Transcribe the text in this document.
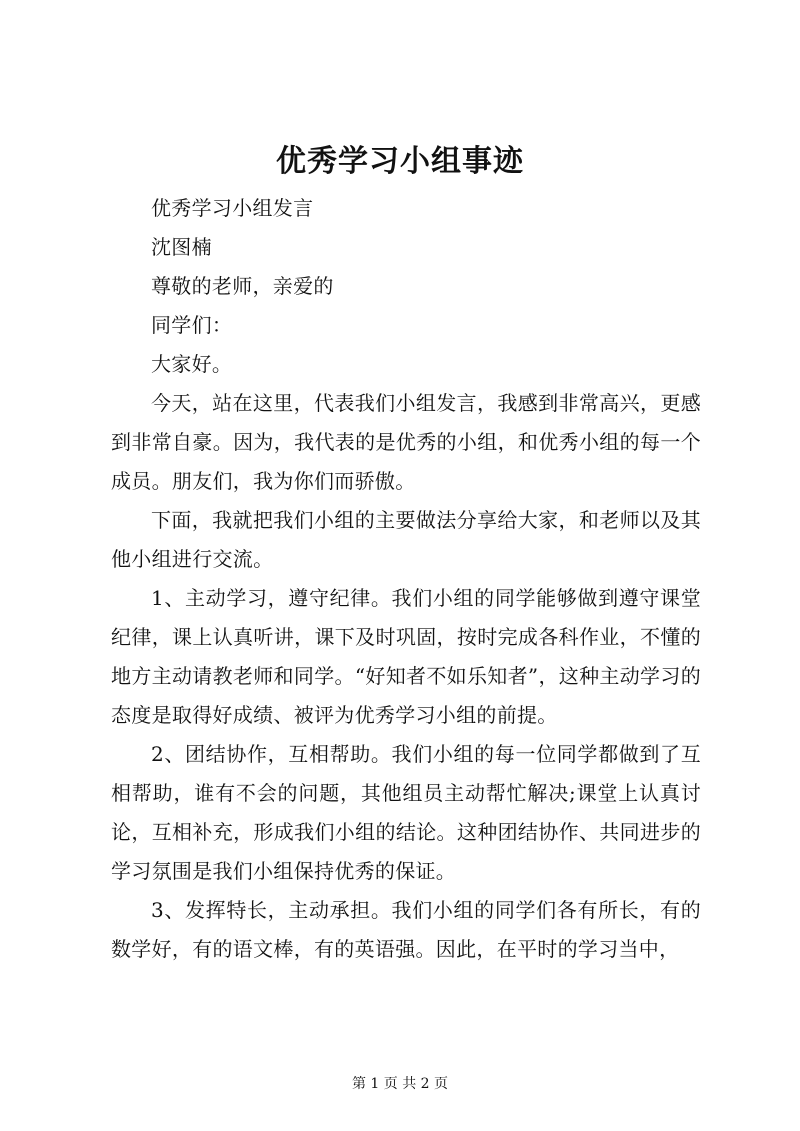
优秀学习小组事迹

优秀学习小组发言

沈图楠

尊敬的老师，亲爱的

同学们：

大家好。

今天，站在这里，代表我们小组发言，我感到非常高兴，更感到非常自豪。因为，我代表的是优秀的小组，和优秀小组的每一个成员。朋友们，我为你们而骄傲。

下面，我就把我们小组的主要做法分享给大家，和老师以及其他小组进行交流。

1、主动学习，遵守纪律。我们小组的同学能够做到遵守课堂纪律，课上认真听讲，课下及时巩固，按时完成各科作业，不懂的地方主动请教老师和同学。“好知者不如乐知者”，这种主动学习的态度是取得好成绩、被评为优秀学习小组的前提。

2、团结协作，互相帮助。我们小组的每一位同学都做到了互相帮助，谁有不会的问题，其他组员主动帮忙解决;课堂上认真讨论，互相补充，形成我们小组的结论。这种团结协作、共同进步的学习氛围是我们小组保持优秀的保证。

3、发挥特长，主动承担。我们小组的同学们各有所长，有的数学好，有的语文棒，有的英语强。因此，在平时的学习当中，

第 1 页 共 2 页
